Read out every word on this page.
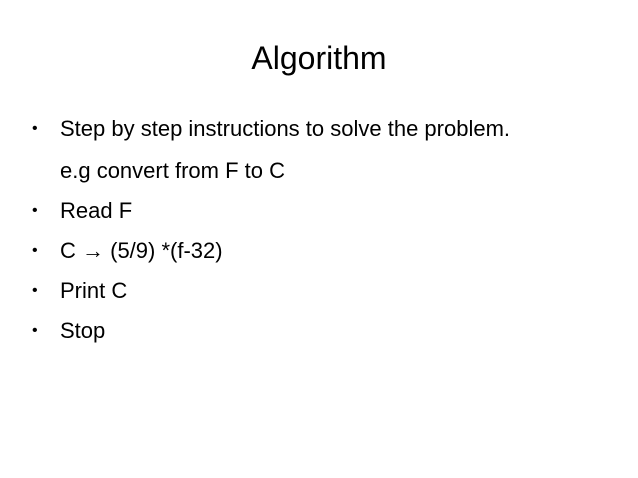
Algorithm
•	Step by step instructions to solve the problem.
e.g convert from F to C
•	Read F
•	C → (5/9) *(f-32)
•	Print C
•	Stop
